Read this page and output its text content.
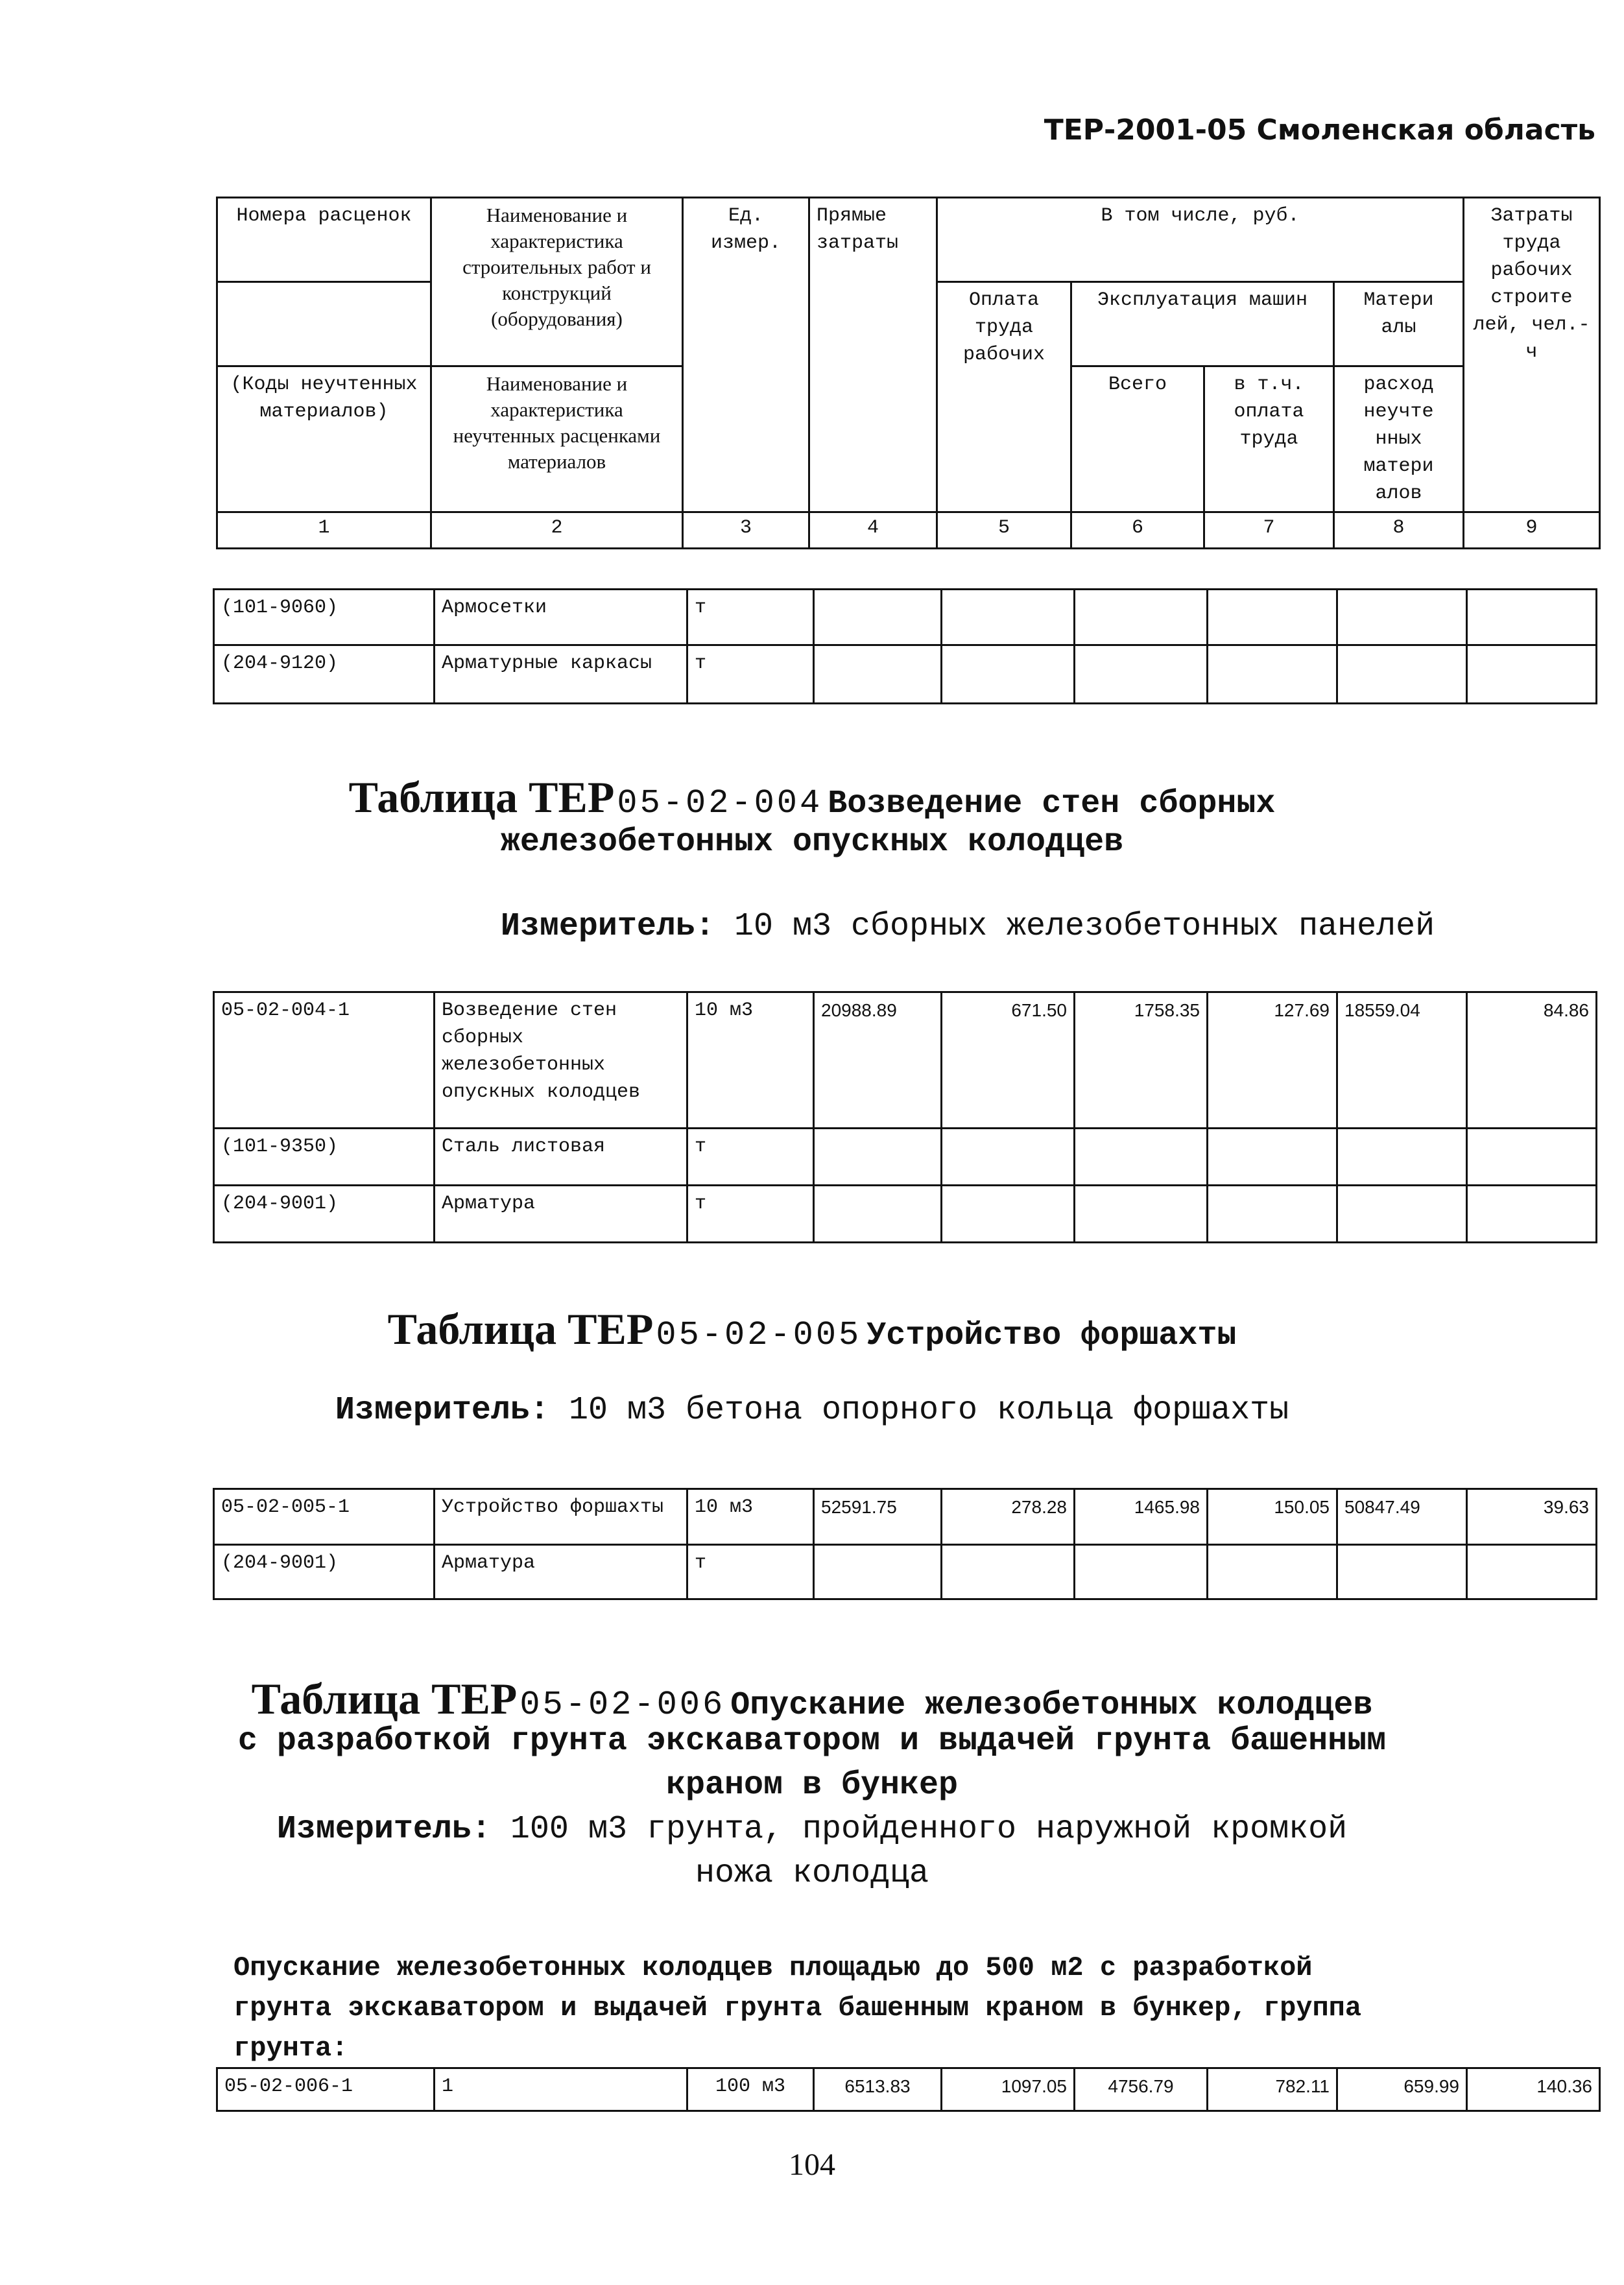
ТЕР-2001-05 Смоленская область
Номера расценок	Наименование и характеристика строительных работ и конструкций (оборудования)	Ед. измер.	Прямые затраты	В том числе, руб.				Затраты труда рабочих строите лей, чел.-ч
				Оплата труда рабочих	Эксплуатация машин		Матери алы	
(Коды неучтенных материалов)	Наименование и характеристика неучтенных расценками материалов				Всего	в т.ч. оплата труда	расход неучте нных матери алов	
1	2	3	4	5	6	7	8	9
(101-9060)	Армосетки	т						
(204-9120)	Арматурные каркасы	т						
Таблица ТЕР 05-02-004 Возведение стен сборных
железобетонных опускных колодцев
Измеритель: 10 м3 сборных железобетонных панелей
05-02-004-1	Возведение стен сборных железобетонных опускных колодцев	10 м3	20988.89	671.50	1758.35	127.69	18559.04	84.86
(101-9350)	Сталь листовая	т						
(204-9001)	Арматура	т						
Таблица ТЕР 05-02-005 Устройство форшахты
Измеритель: 10 м3 бетона опорного кольца форшахты
05-02-005-1	Устройство форшахты	10 м3	52591.75	278.28	1465.98	150.05	50847.49	39.63
(204-9001)	Арматура	т						
Таблица ТЕР 05-02-006 Опускание железобетонных колодцев
с разработкой грунта экскаватором и выдачей грунта башенным
краном в бункер
Измеритель: 100 м3 грунта, пройденного наружной кромкой
ножа колодца
Опускание железобетонных колодцев площадью до 500 м2 с разработкой
грунта экскаватором и выдачей грунта башенным краном в бункер, группа
грунта:
05-02-006-1	1	100 м3	6513.83	1097.05	4756.79	782.11	659.99	140.36
104
